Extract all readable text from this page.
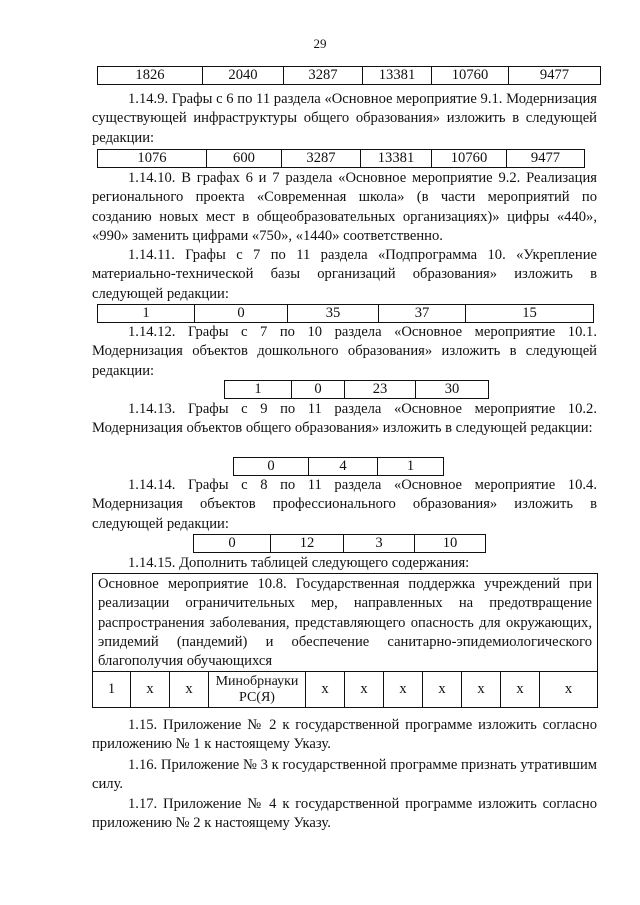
29
1826	2040	3287	13381	10760	9477
1.14.9. Графы с 6 по 11 раздела «Основное мероприятие 9.1. Модернизация существующей инфраструктуры общего образования» изложить в следующей редакции:
1076	600	3287	13381	10760	9477
1.14.10. В графах 6 и 7 раздела «Основное мероприятие 9.2. Реализация регионального проекта «Современная школа» (в части мероприятий по созданию новых мест в общеобразовательных организациях)» цифры «440», «990» заменить цифрами «750», «1440» соответственно.
1.14.11. Графы с 7 по 11 раздела «Подпрограмма 10. «Укрепление материально-технической базы организаций образования» изложить в следующей редакции:
1	0	35	37	15
1.14.12. Графы с 7 по 10 раздела «Основное мероприятие 10.1. Модернизация объектов дошкольного образования» изложить в следующей редакции:
1	0	23	30
1.14.13. Графы с 9 по 11 раздела «Основное мероприятие 10.2. Модернизация объектов общего образования» изложить в следующей редакции:
0	4	1
1.14.14. Графы с 8 по 11 раздела «Основное мероприятие 10.4. Модернизация объектов профессионального образования» изложить в следующей редакции:
0	12	3	10
1.14.15. Дополнить таблицей следующего содержания:
Основное мероприятие 10.8. Государственная поддержка учреждений при реализации ограничительных мер, направленных на предотвращение распространения заболевания, представляющего опасность для окружающих, эпидемий (пандемий) и обеспечение санитарно-эпидемиологического благополучия обучающихся
1	х	х	Минобрнауки РС(Я)	х	х	х	х	х	х	х
1.15. Приложение № 2 к государственной программе изложить согласно приложению № 1 к настоящему Указу.
1.16. Приложение № 3 к государственной программе признать утратившим силу.
1.17. Приложение № 4 к государственной программе изложить согласно приложению № 2 к настоящему Указу.
